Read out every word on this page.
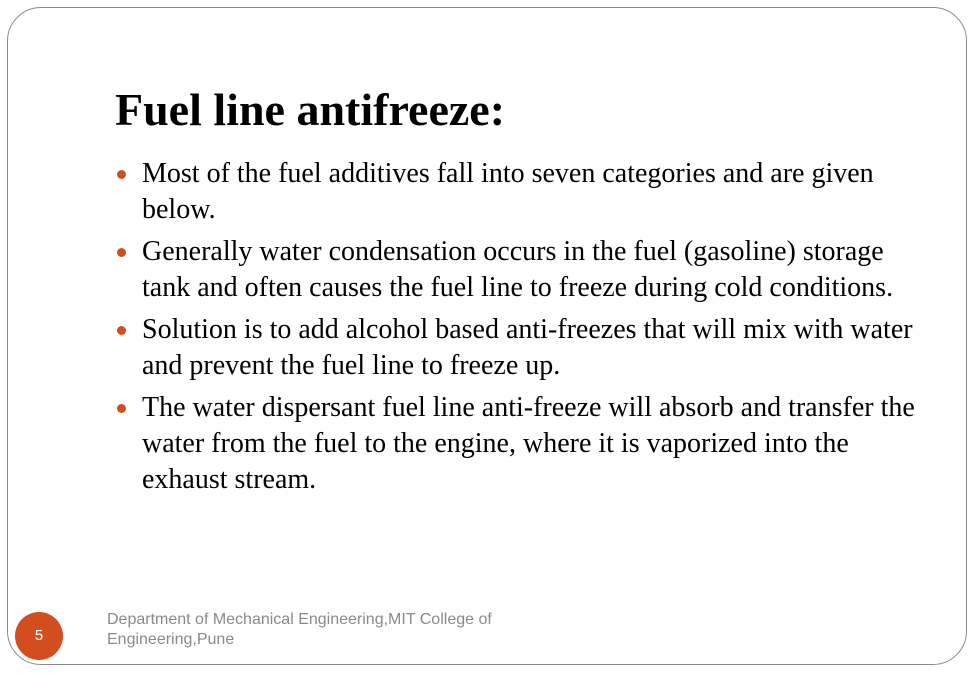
Fuel line antifreeze:
Most of the fuel additives fall into seven categories and are given below.
Generally water condensation occurs in the fuel (gasoline) storage tank and often causes the fuel line to freeze during cold conditions.
Solution is to add alcohol based anti-freezes that will mix with water and prevent the fuel line to freeze up.
The water dispersant fuel line anti-freeze will absorb and transfer the water from the fuel to the engine, where it is vaporized into the exhaust stream.
Department of Mechanical Engineering,MIT College of Engineering,Pune
5
